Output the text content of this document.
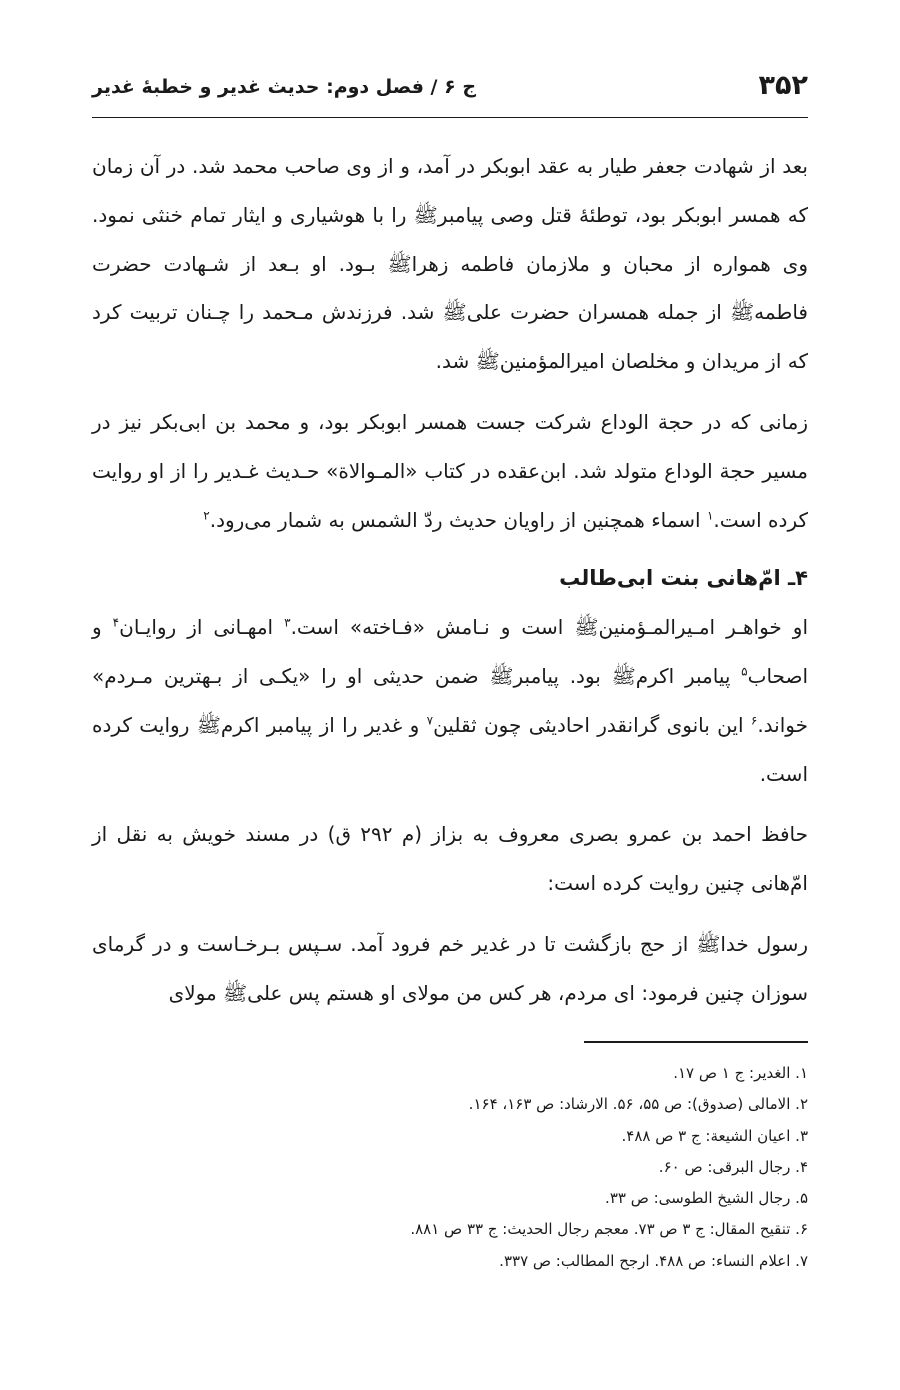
۳۵۲
ج ۶ / فصل دوم: حدیث غدیر و خطبهٔ غدیر

بعد از شهادت جعفر طیار به عقد ابوبکر در آمد، و از وی صاحب محمد شد. در آن زمان که همسر ابوبکر بود، توطئهٔ قتل وصی پیامبرﷺ را با هوشیاری و ایثار تمام خنثی نمود. وی همواره از محبان و ملازمان فاطمه زهراﷺ بـود. او بـعد از شـهادت حضرت فاطمهﷺ از جمله همسران حضرت علیﷺ شد. فرزندش مـحمد را چـنان تربیت کرد که از مریدان و مخلصان امیرالمؤمنینﷺ شد.

زمانی که در حجة الوداع شرکت جست همسر ابوبکر بود، و محمد بن ابی‌بکر نیز در مسیر حجة الوداع متولد شد. ابن‌عقده در کتاب «المـوالاة» حـدیث غـدیر را از او روایت کرده است.$^۱$ اسماء همچنین از راویان حدیث ردّ الشمس به شمار می‌رود.$^۲$

۴ـ امّ‌هانی بنت ابی‌طالب

او خواهـر امـیرالمـؤمنینﷺ است و نـامش «فـاخته» است.$^۳$ امهـانی از روایـان$^۴$ و اصحاب$^۵$ پیامبر اکرمﷺ بود. پیامبرﷺ ضمن حدیثی او را «یکـی از بـهترین مـردم» خواند.$^۶$ این بانوی گرانقدر احادیثی چون ثقلین$^۷$ و غدیر را از پیامبر اکرمﷺ روایت کرده است.

حافظ احمد بن عمرو بصری معروف به بزاز (م ۲۹۲ ق) در مسند خویش به نقل از امّ‌هانی چنین روایت کرده است:

رسول خداﷺ از حج بازگشت تا در غدیر خم فرود آمد. سـپس بـرخـاست و در گرمای سوزان چنین فرمود: ای مردم، هر کس من مولای او هستم پس علیﷺ مولای

۱. الغدیر: ج ۱ ص ۱۷.
۲. الامالی (صدوق): ص ۵۵، ۵۶. الارشاد: ص ۱۶۳، ۱۶۴.
۳. اعیان الشیعة: ج ۳ ص ۴۸۸.
۴. رجال البرقی: ص ۶۰.
۵. رجال الشیخ الطوسی: ص ۳۳.
۶. تنقیح المقال: ج ۳ ص ۷۳. معجم رجال الحدیث: ج ۳۳ ص ۸۸۱.
۷. اعلام النساء: ص ۴۸۸. ارجح المطالب: ص ۳۳۷.
